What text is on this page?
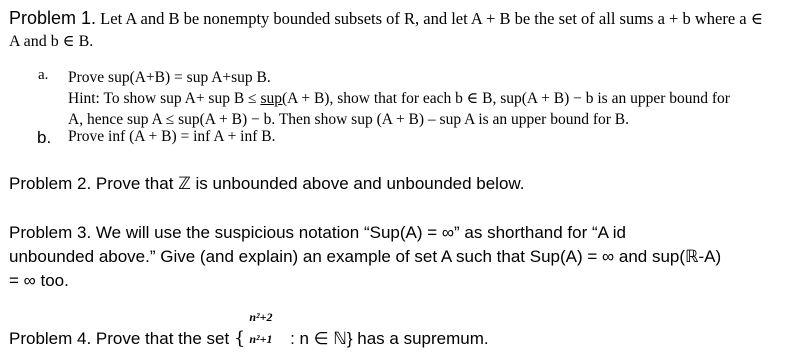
Problem 1. Let A and B be nonempty bounded subsets of R, and let A + B be the set of all sums a + b where a ∈
A and b ∈ B.
a. Prove sup(A+B) = sup A+sup B.
Hint: To show sup A+ sup B ≤ sup(A + B), show that for each b ∈ B, sup(A + B) − b is an upper bound for
A, hence sup A ≤ sup(A + B) − b. Then show sup (A + B) – sup A is an upper bound for B.
b. Prove inf (A + B) = inf A + inf B.
Problem 2. Prove that ℤ is unbounded above and unbounded below.
Problem 3. We will use the suspicious notation “Sup(A) = ∞” as shorthand for “A id
unbounded above.” Give (and explain) an example of set A such that Sup(A) = ∞ and sup(ℝ-A)
= ∞ too.
Problem 4. Prove that the set {
n²+2
n²+1 : n ∈ ℕ} has a supremum.
